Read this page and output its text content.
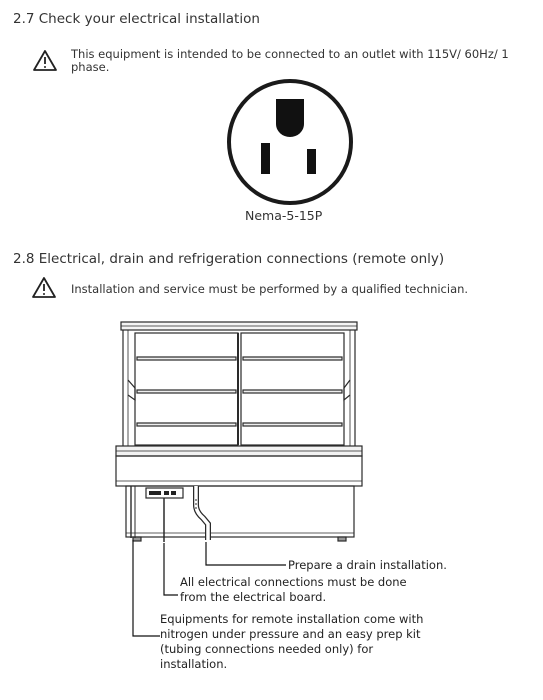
2.7 Check your electrical installation
This equipment is intended to be connected to an outlet with 115V/ 60Hz/ 1
phase.
Nema-5-15P
2.8 Electrical, drain and refrigeration connections (remote only)
Installation and service must be performed by a qualified technician.
Prepare a drain installation.
All electrical connections must be done
from the electrical board.
Equipments for remote installation come with
nitrogen under pressure and an easy prep kit
(tubing connections needed only) for
installation.
